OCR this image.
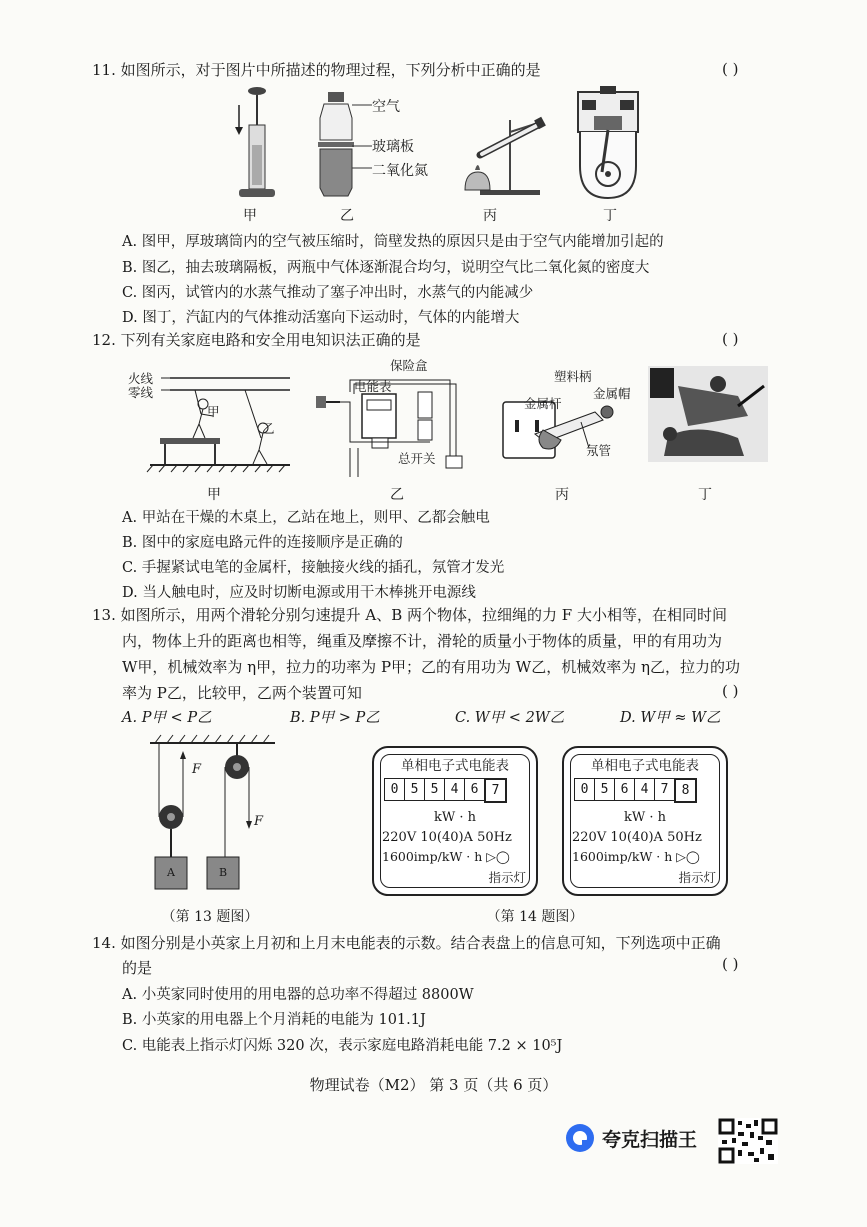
11. 如图所示，对于图片中所描述的物理过程，下列分析中正确的是	( )
空气
玻璃板
二氧化氮
甲	乙	丙	丁
A. 图甲，厚玻璃筒内的空气被压缩时，筒壁发热的原因只是由于空气内能增加引起的
B. 图乙，抽去玻璃隔板，两瓶中气体逐渐混合均匀，说明空气比二氧化氮的密度大
C. 图丙，试管内的水蒸气推动了塞子冲出时，水蒸气的内能减少
D. 图丁，汽缸内的气体推动活塞向下运动时，气体的内能增大
12. 下列有关家庭电路和安全用电知识法正确的是	( )
火线
零线
甲
乙
电能表
保险盒
总开关
塑料柄
金属帽
金属杆
氖管
甲	乙	丙	丁
A. 甲站在干燥的木桌上，乙站在地上，则甲、乙都会触电
B. 图中的家庭电路元件的连接顺序是正确的
C. 手握紧试电笔的金属杆，接触接火线的插孔，氖管才发光
D. 当人触电时，应及时切断电源或用干木棒挑开电源线
13. 如图所示，用两个滑轮分别匀速提升 A、B 两个物体，拉细绳的力 F 大小相等，在相同时间
内，物体上升的距离也相等，绳重及摩擦不计，滑轮的质量小于物体的质量，甲的有用功为
W甲，机械效率为 η甲，拉力的功率为 P甲；乙的有用功为 W乙，机械效率为 η乙，拉力的功
率为 P乙，比较甲，乙两个装置可知	( )
A. P甲 < P乙	B. P甲 > P乙	C. W甲 < 2W乙	D. W甲 ≈ W乙
F
F
A	B
（第 13 题图）
单相电子式电能表
0 5 5 4 6	7
kW · h
220V 10(40)A 50Hz
1600imp/kW · h ▷◯
指示灯
单相电子式电能表
0 5 6 4 7	8
kW · h
220V 10(40)A 50Hz
1600imp/kW · h ▷◯
指示灯
（第 14 题图）
14. 如图分别是小英家上月初和上月末电能表的示数。结合表盘上的信息可知，下列选项中正确
的是	( )
A. 小英家同时使用的用电器的总功率不得超过 8800W
B. 小英家的用电器上个月消耗的电能为 101.1J
C. 电能表上指示灯闪烁 320 次，表示家庭电路消耗电能 7.2 × 10⁵J
物理试卷（M2） 第 3 页（共 6 页）
夸克扫描王
